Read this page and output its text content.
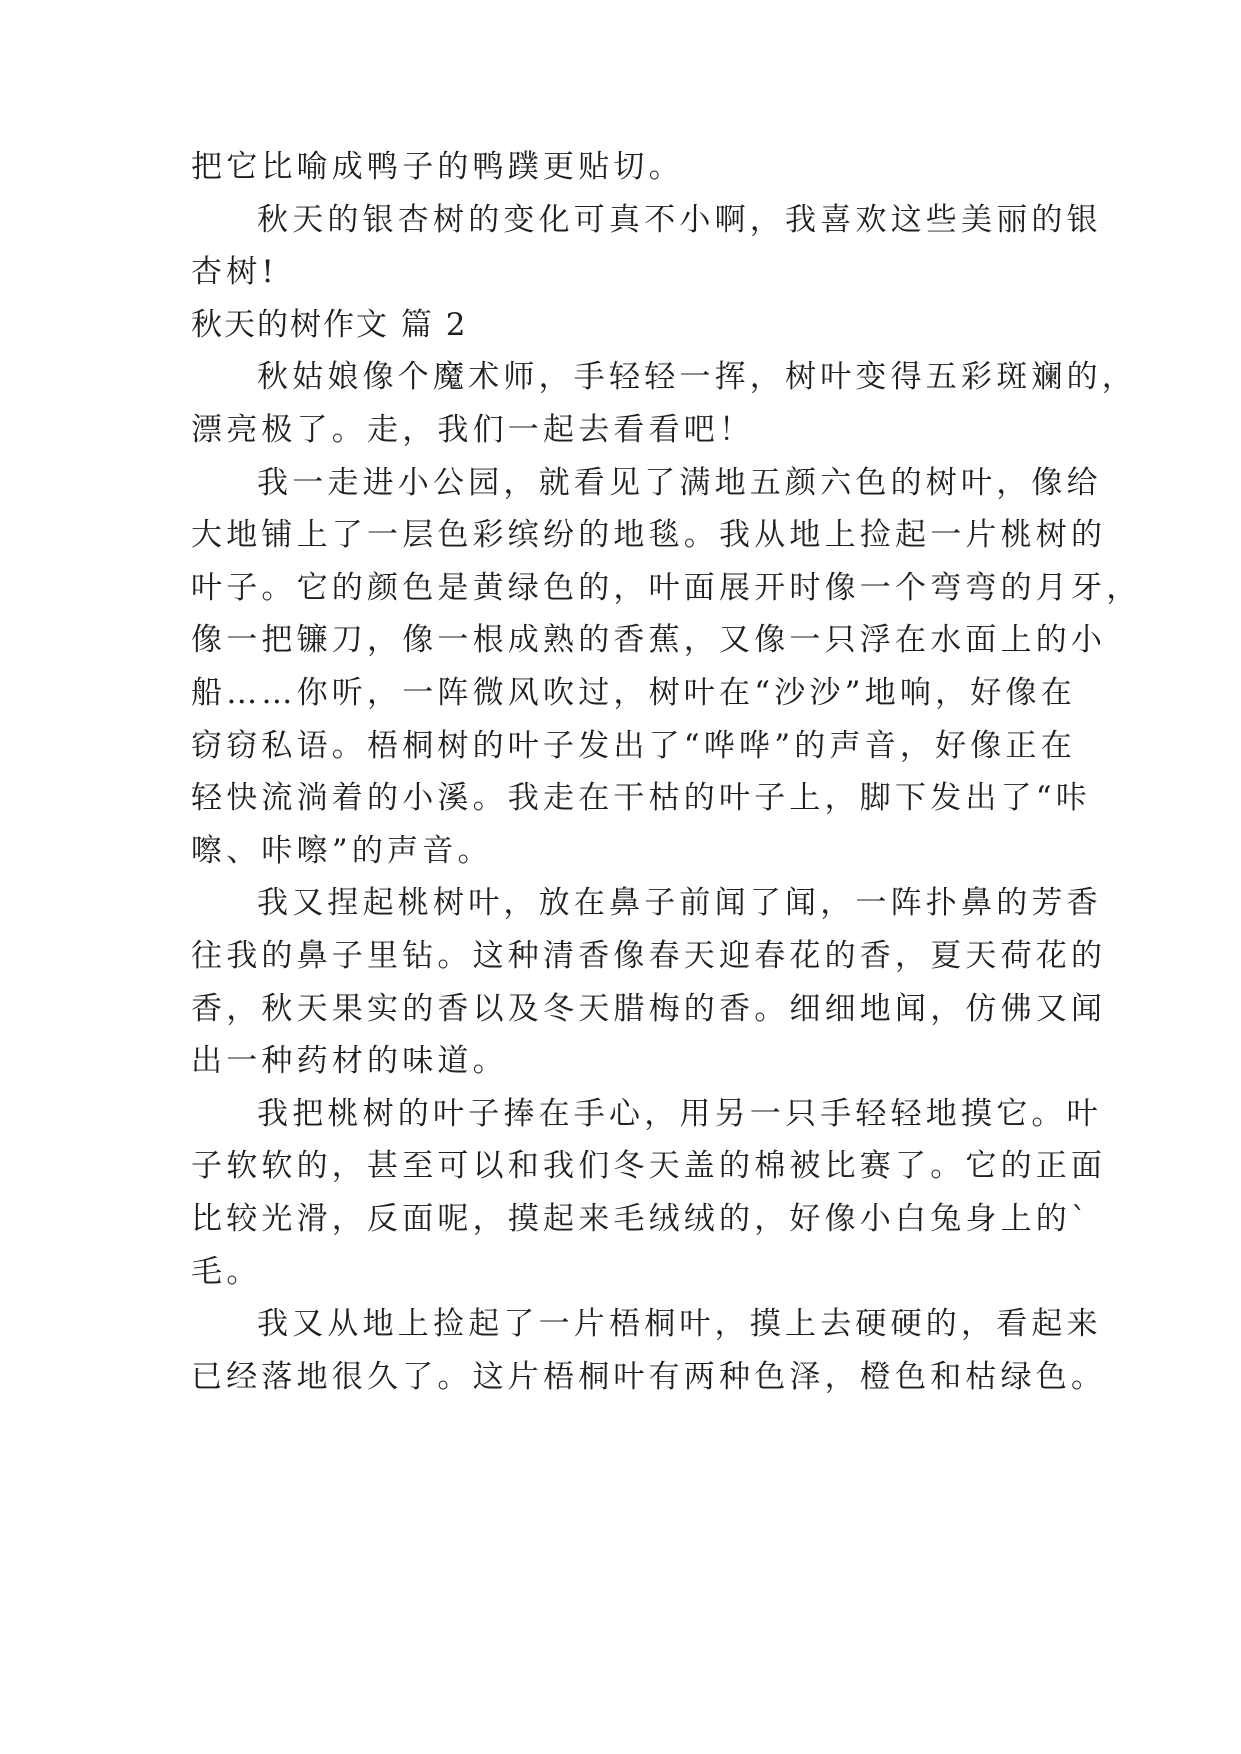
把它比喻成鸭子的鸭蹼更贴切。
秋天的银杏树的变化可真不小啊，我喜欢这些美丽的银
杏树!
秋天的树作文 篇 2
秋姑娘像个魔术师，手轻轻一挥，树叶变得五彩斑斓的，
漂亮极了。走，我们一起去看看吧！
我一走进小公园，就看见了满地五颜六色的树叶，像给
大地铺上了一层色彩缤纷的地毯。我从地上捡起一片桃树的
叶子。它的颜色是黄绿色的，叶面展开时像一个弯弯的月牙，
像一把镰刀，像一根成熟的香蕉，又像一只浮在水面上的小
船……你听，一阵微风吹过，树叶在“沙沙”地响，好像在
窃窃私语。梧桐树的叶子发出了“哗哗”的声音，好像正在
轻快流淌着的小溪。我走在干枯的叶子上，脚下发出了“咔
嚓、咔嚓”的声音。
我又捏起桃树叶，放在鼻子前闻了闻，一阵扑鼻的芳香
往我的鼻子里钻。这种清香像春天迎春花的香，夏天荷花的
香，秋天果实的香以及冬天腊梅的香。细细地闻，仿佛又闻
出一种药材的味道。
我把桃树的叶子捧在手心，用另一只手轻轻地摸它。叶
子软软的，甚至可以和我们冬天盖的棉被比赛了。它的正面
比较光滑，反面呢，摸起来毛绒绒的，好像小白兔身上的`
毛。
我又从地上捡起了一片梧桐叶，摸上去硬硬的，看起来
已经落地很久了。这片梧桐叶有两种色泽，橙色和枯绿色。
